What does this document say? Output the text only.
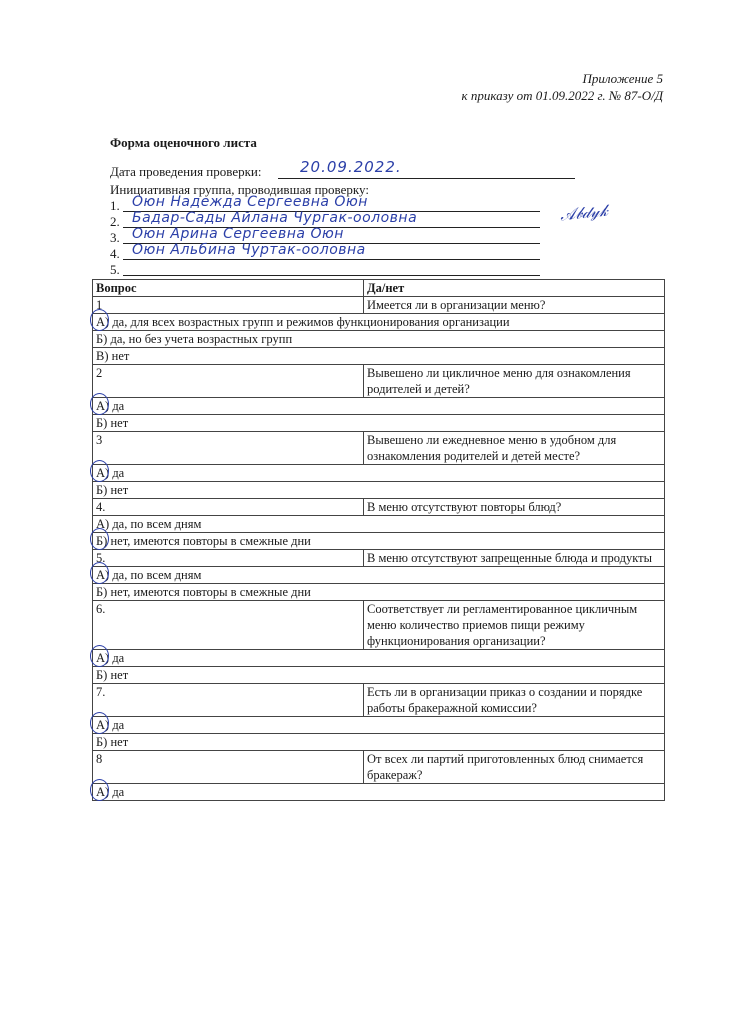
Приложение 5
к приказу от 01.09.2022 г. № 87-О/Д
Форма оценочного листа
Дата проведения проверки:	20.09.2022.
Инициативная группа, проводившая проверку:
1. Оюн Надежда Сергеевна Оюн
2. Бадар-Сады Айлана Чургак-ооловна
3. Оюн Арина Сергеевна Оюн
4. Оюн Альбина Чуртак-ооловна
5.
𝒜𝒷𝒹𝓎𝓀
Вопрос	Да/нет
1	Имеется ли в организации меню?

А) да, для всех возрастных групп и режимов функционирования организации	
Б) да, но без учета возрастных групп	
В) нет	
2	Вывешено ли цикличное меню для ознакомления родителей и детей?

А) да	
Б) нет	
3	Вывешено ли ежедневное меню в удобном для ознакомления родителей и детей месте?

А) да	
Б) нет	
4.	В меню отсутствуют повторы блюд?
А) да, по всем дням	

Б) нет, имеются повторы в смежные дни	
5.	В меню отсутствуют запрещенные блюда и продукты

А) да, по всем дням	
Б) нет, имеются повторы в смежные дни	
6.	Соответствует ли регламентированное цикличным меню количество приемов пищи режиму функционирования организации?

А) да	
Б) нет	
7.	Есть ли в организации приказ о создании и порядке работы бракеражной комиссии?

А) да	
Б) нет	
8	От всех ли партий приготовленных блюд снимается бракераж?

А) да	
